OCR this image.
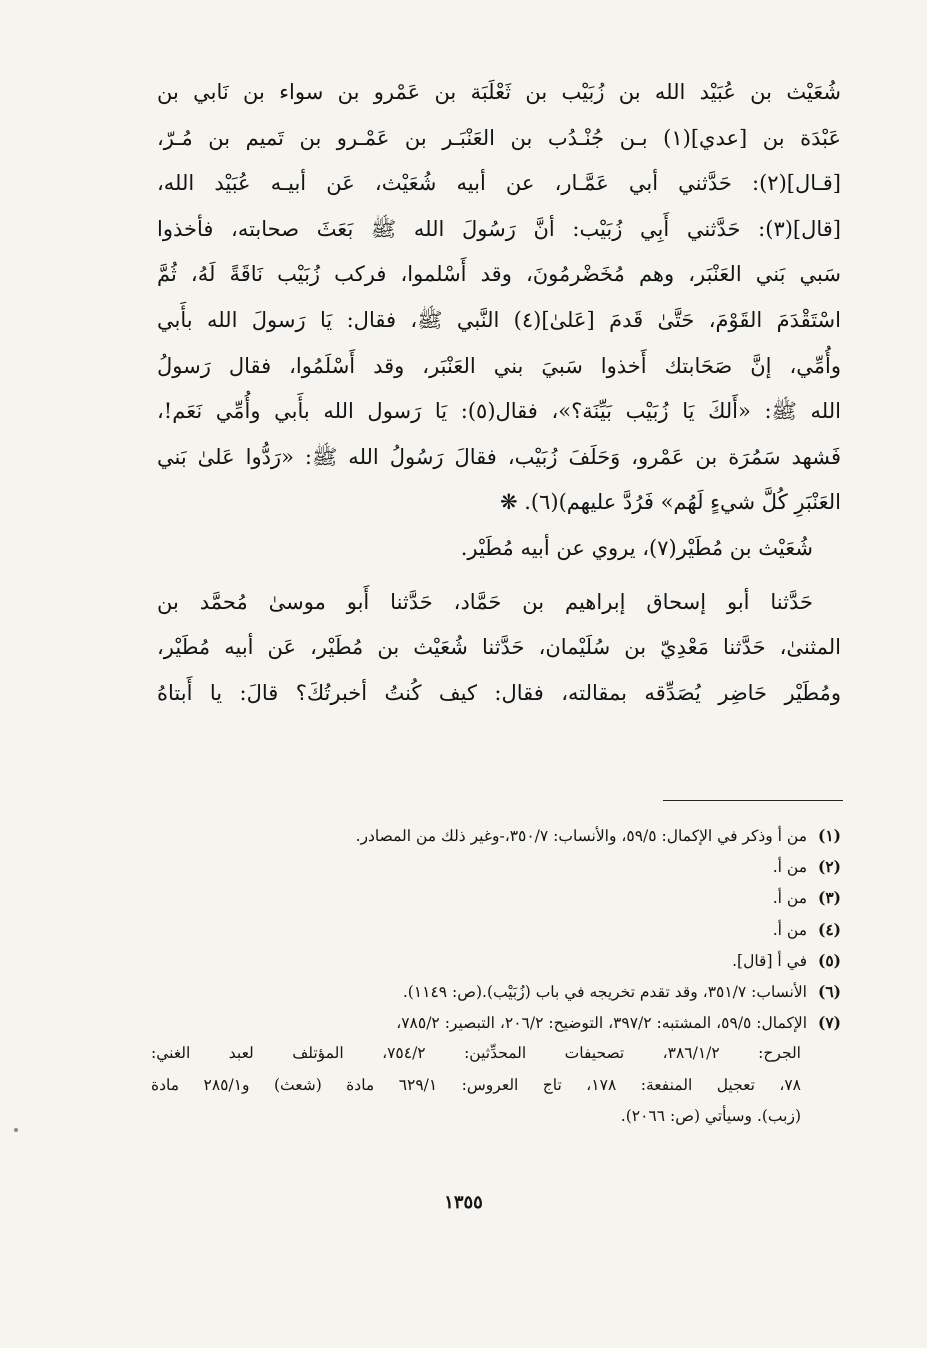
شُعَيْث بن عُبَيْد الله بن زُبَيْب بن ثَعْلَبَة بن عَمْرو بن سواء بن نَابي بن
عَبْدَة بن [عدي](١) بـن جُنْـدُب بن العَنْبَـر بن عَمْـرو بن تَميم بن مُـرّ،
[قـال](٢): حَدَّثني أبي عَمَّـار، عن أبيه شُعَيْث، عَن أبيـه عُبَيْد الله،
[قال](٣): حَدَّثني أَبِي زُبَيْب: أنَّ رَسُولَ الله ﷺ بَعَثَ صحابته، فأخذوا
سَبي بَني العَنْبَر، وهم مُخَضْرمُونَ، وقد أَسْلموا، فركب زُبَيْب نَاقَةً لَهُ، ثُمَّ
اسْتَقْدَمَ القَوْمَ، حَتَّىٰ قَدمَ [عَلىٰ](٤) النَّبي ﷺ، فقال: يَا رَسولَ الله بأَبي
وأُمِّي، إنَّ صَحَابتك أَخذوا سَبيَ بني العَنْبَر، وقد أَسْلَمُوا، فقال رَسولُ
الله ﷺ: «أَلكَ يَا زُبَيْب بَيِّنَة؟»، فقال(٥): يَا رَسول الله بأَبي وأُمِّي نَعَم!،
فَشهد سَمُرَة بن عَمْرو، وَحَلَفَ زُبَيْب، فقالَ رَسُولُ الله ﷺ: «رَدُّوا عَلىٰ بَني
العَنْبَرِ كُلَّ شيءٍ لَهُم» فَرُدَّ عليهم)(٦). ❋
شُعَيْث بن مُطَيْر(٧)، يروي عن أبيه مُطَيْر.
حَدَّثنا أبو إسحاق إبراهيم بن حَمَّاد، حَدَّثنا أَبو موسىٰ مُحمَّد بن
المثنىٰ، حَدَّثنا مَعْدِيّ بن سُلَيْمان، حَدَّثنا شُعَيْث بن مُطَيْر، عَن أبيه مُطَيْر،
ومُطَيْر حَاضِر يُصَدِّقه بمقالته، فقال: كيف كُنتُ أخبرتُكَ؟ قالَ: يا أَبتاهُ
(١)من أ وذكر في الإكمال: ٥٩/٥، والأنساب: ٣٥٠/٧،-وغير ذلك من المصادر.
(٢)من أ.
(٣)من أ.
(٤)من أ.
(٥)في أ [قال].
(٦)الأنساب: ٣٥١/٧، وقد تقدم تخريجه في باب (زُبَيْب).(ص: ١١٤٩).
(٧)الإكمال: ٥٩/٥، المشتبه: ٣٩٧/٢، التوضيح: ٢٠٦/٢، التبصير: ٧٨٥/٢،
الجرح: ٣٨٦/١/٢، تصحيفات المحدِّثين: ٧٥٤/٢، المؤتلف لعبد الغني:
٧٨، تعجيل المنفعة: ١٧٨، تاج العروس: ٦٢٩/١ مادة (شعث) و٢٨٥/١ مادة
(زبب). وسيأتي (ص: ٢٠٦٦).
١٣٥٥
